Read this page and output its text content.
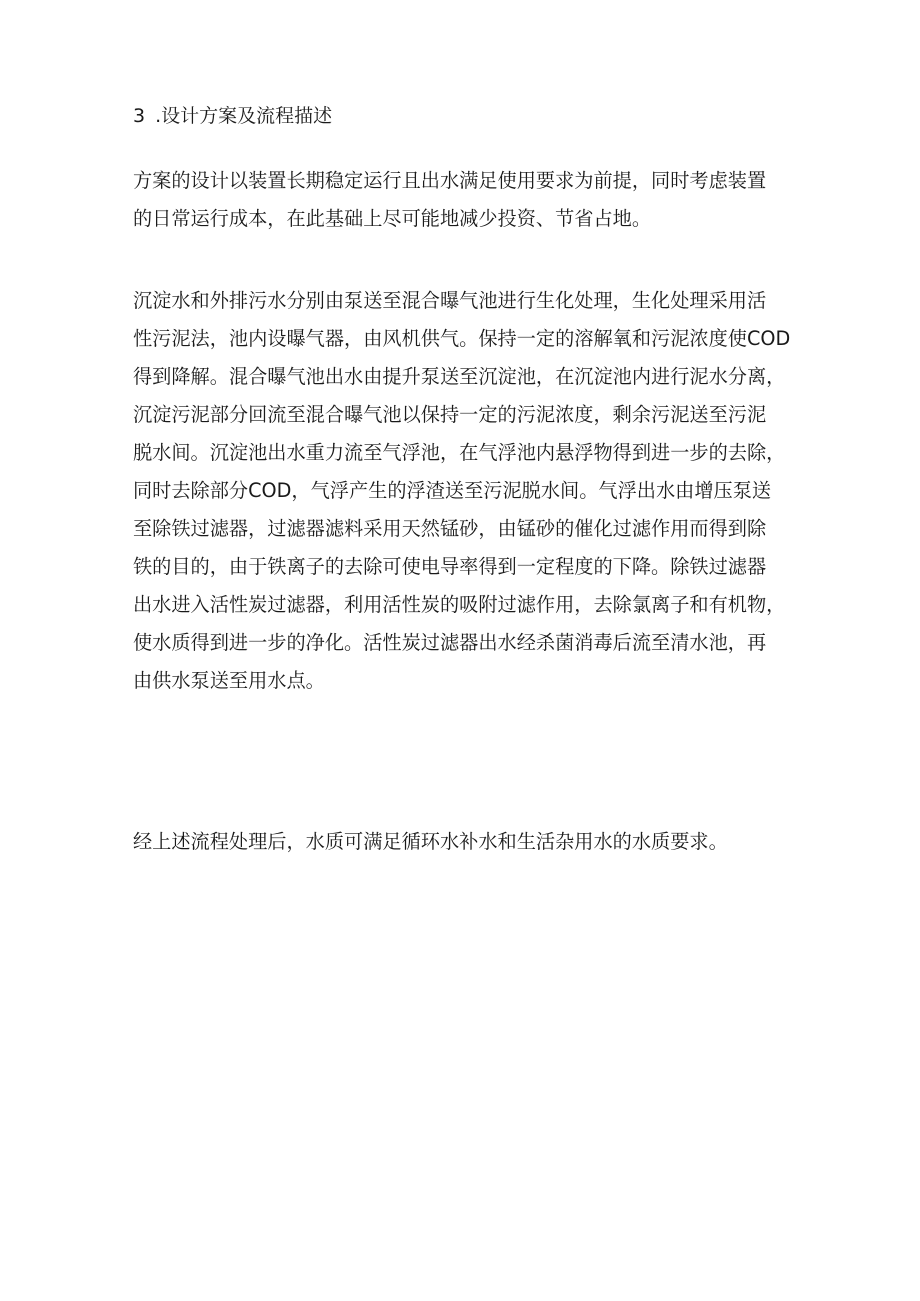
3 .设计方案及流程描述

方案的设计以装置长期稳定运行且出水满足使用要求为前提，同时考虑装置
的日常运行成本，在此基础上尽可能地减少投资、节省占地。

沉淀水和外排污水分别由泵送至混合曝气池进行生化处理，生化处理采用活
性污泥法，池内设曝气器，由风机供气。保持一定的溶解氧和污泥浓度使COD
得到降解。混合曝气池出水由提升泵送至沉淀池，在沉淀池内进行泥水分离，
沉淀污泥部分回流至混合曝气池以保持一定的污泥浓度，剩余污泥送至污泥
脱水间。沉淀池出水重力流至气浮池，在气浮池内悬浮物得到进一步的去除，
同时去除部分COD，气浮产生的浮渣送至污泥脱水间。气浮出水由增压泵送
至除铁过滤器，过滤器滤料采用天然锰砂，由锰砂的催化过滤作用而得到除
铁的目的，由于铁离子的去除可使电导率得到一定程度的下降。除铁过滤器
出水进入活性炭过滤器，利用活性炭的吸附过滤作用，去除氯离子和有机物，
使水质得到进一步的净化。活性炭过滤器出水经杀菌消毒后流至清水池，再
由供水泵送至用水点。

经上述流程处理后，水质可满足循环水补水和生活杂用水的水质要求。
